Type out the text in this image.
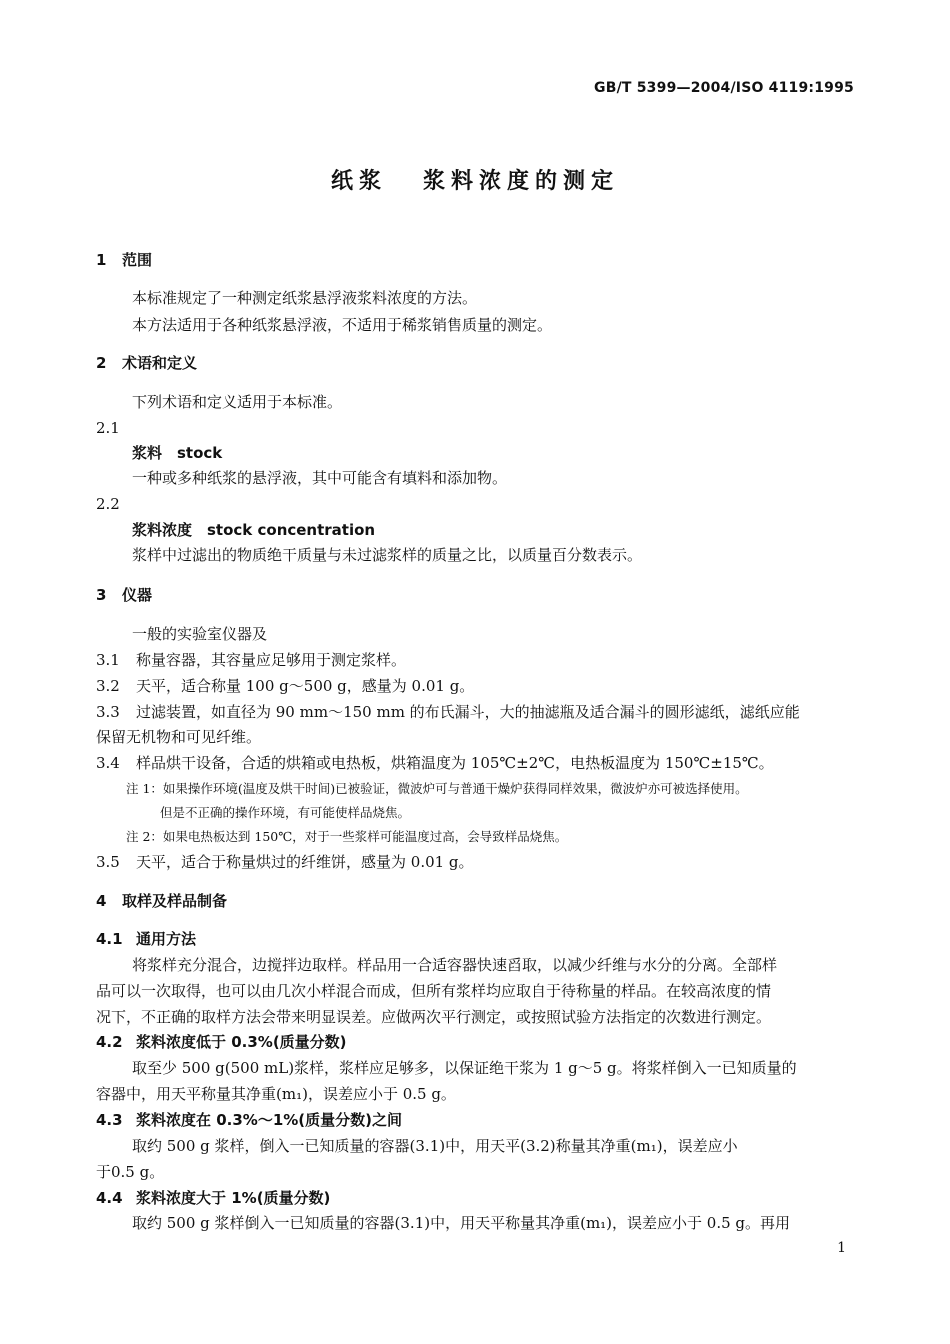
GB/T 5399—2004/ISO 4119:1995
纸浆 浆料浓度的测定
1 范围
本标准规定了一种测定纸浆悬浮液浆料浓度的方法。
本方法适用于各种纸浆悬浮液，不适用于稀浆销售质量的测定。
2 术语和定义
下列术语和定义适用于本标准。
2.1
浆料　stock
一种或多种纸浆的悬浮液，其中可能含有填料和添加物。
2.2
浆料浓度　stock concentration
浆样中过滤出的物质绝干质量与未过滤浆样的质量之比，以质量百分数表示。
3 仪器
一般的实验室仪器及
3.1 称量容器，其容量应足够用于测定浆样。
3.2 天平，适合称量 100 g～500 g，感量为 0.01 g。
3.3 过滤装置，如直径为 90 mm～150 mm 的布氏漏斗，大的抽滤瓶及适合漏斗的圆形滤纸，滤纸应能
保留无机物和可见纤维。
3.4 样品烘干设备，合适的烘箱或电热板，烘箱温度为 105℃±2℃，电热板温度为 150℃±15℃。
注 1：如果操作环境(温度及烘干时间)已被验证，微波炉可与普通干燥炉获得同样效果，微波炉亦可被选择使用。
但是不正确的操作环境，有可能使样品烧焦。
注 2：如果电热板达到 150℃，对于一些浆样可能温度过高，会导致样品烧焦。
3.5 天平，适合于称量烘过的纤维饼，感量为 0.01 g。
4 取样及样品制备
4.1 通用方法
将浆样充分混合，边搅拌边取样。样品用一合适容器快速舀取，以减少纤维与水分的分离。全部样
品可以一次取得，也可以由几次小样混合而成，但所有浆样均应取自于待称量的样品。在较高浓度的情
况下，不正确的取样方法会带来明显误差。应做两次平行测定，或按照试验方法指定的次数进行测定。
4.2 浆料浓度低于 0.3%(质量分数)
取至少 500 g(500 mL)浆样，浆样应足够多，以保证绝干浆为 1 g～5 g。将浆样倒入一已知质量的
容器中，用天平称量其净重(m₁)，误差应小于 0.5 g。
4.3 浆料浓度在 0.3%～1%(质量分数)之间
取约 500 g 浆样，倒入一已知质量的容器(3.1)中，用天平(3.2)称量其净重(m₁)，误差应小
于0.5 g。
4.4 浆料浓度大于 1%(质量分数)
取约 500 g 浆样倒入一已知质量的容器(3.1)中，用天平称量其净重(m₁)，误差应小于 0.5 g。再用
1
